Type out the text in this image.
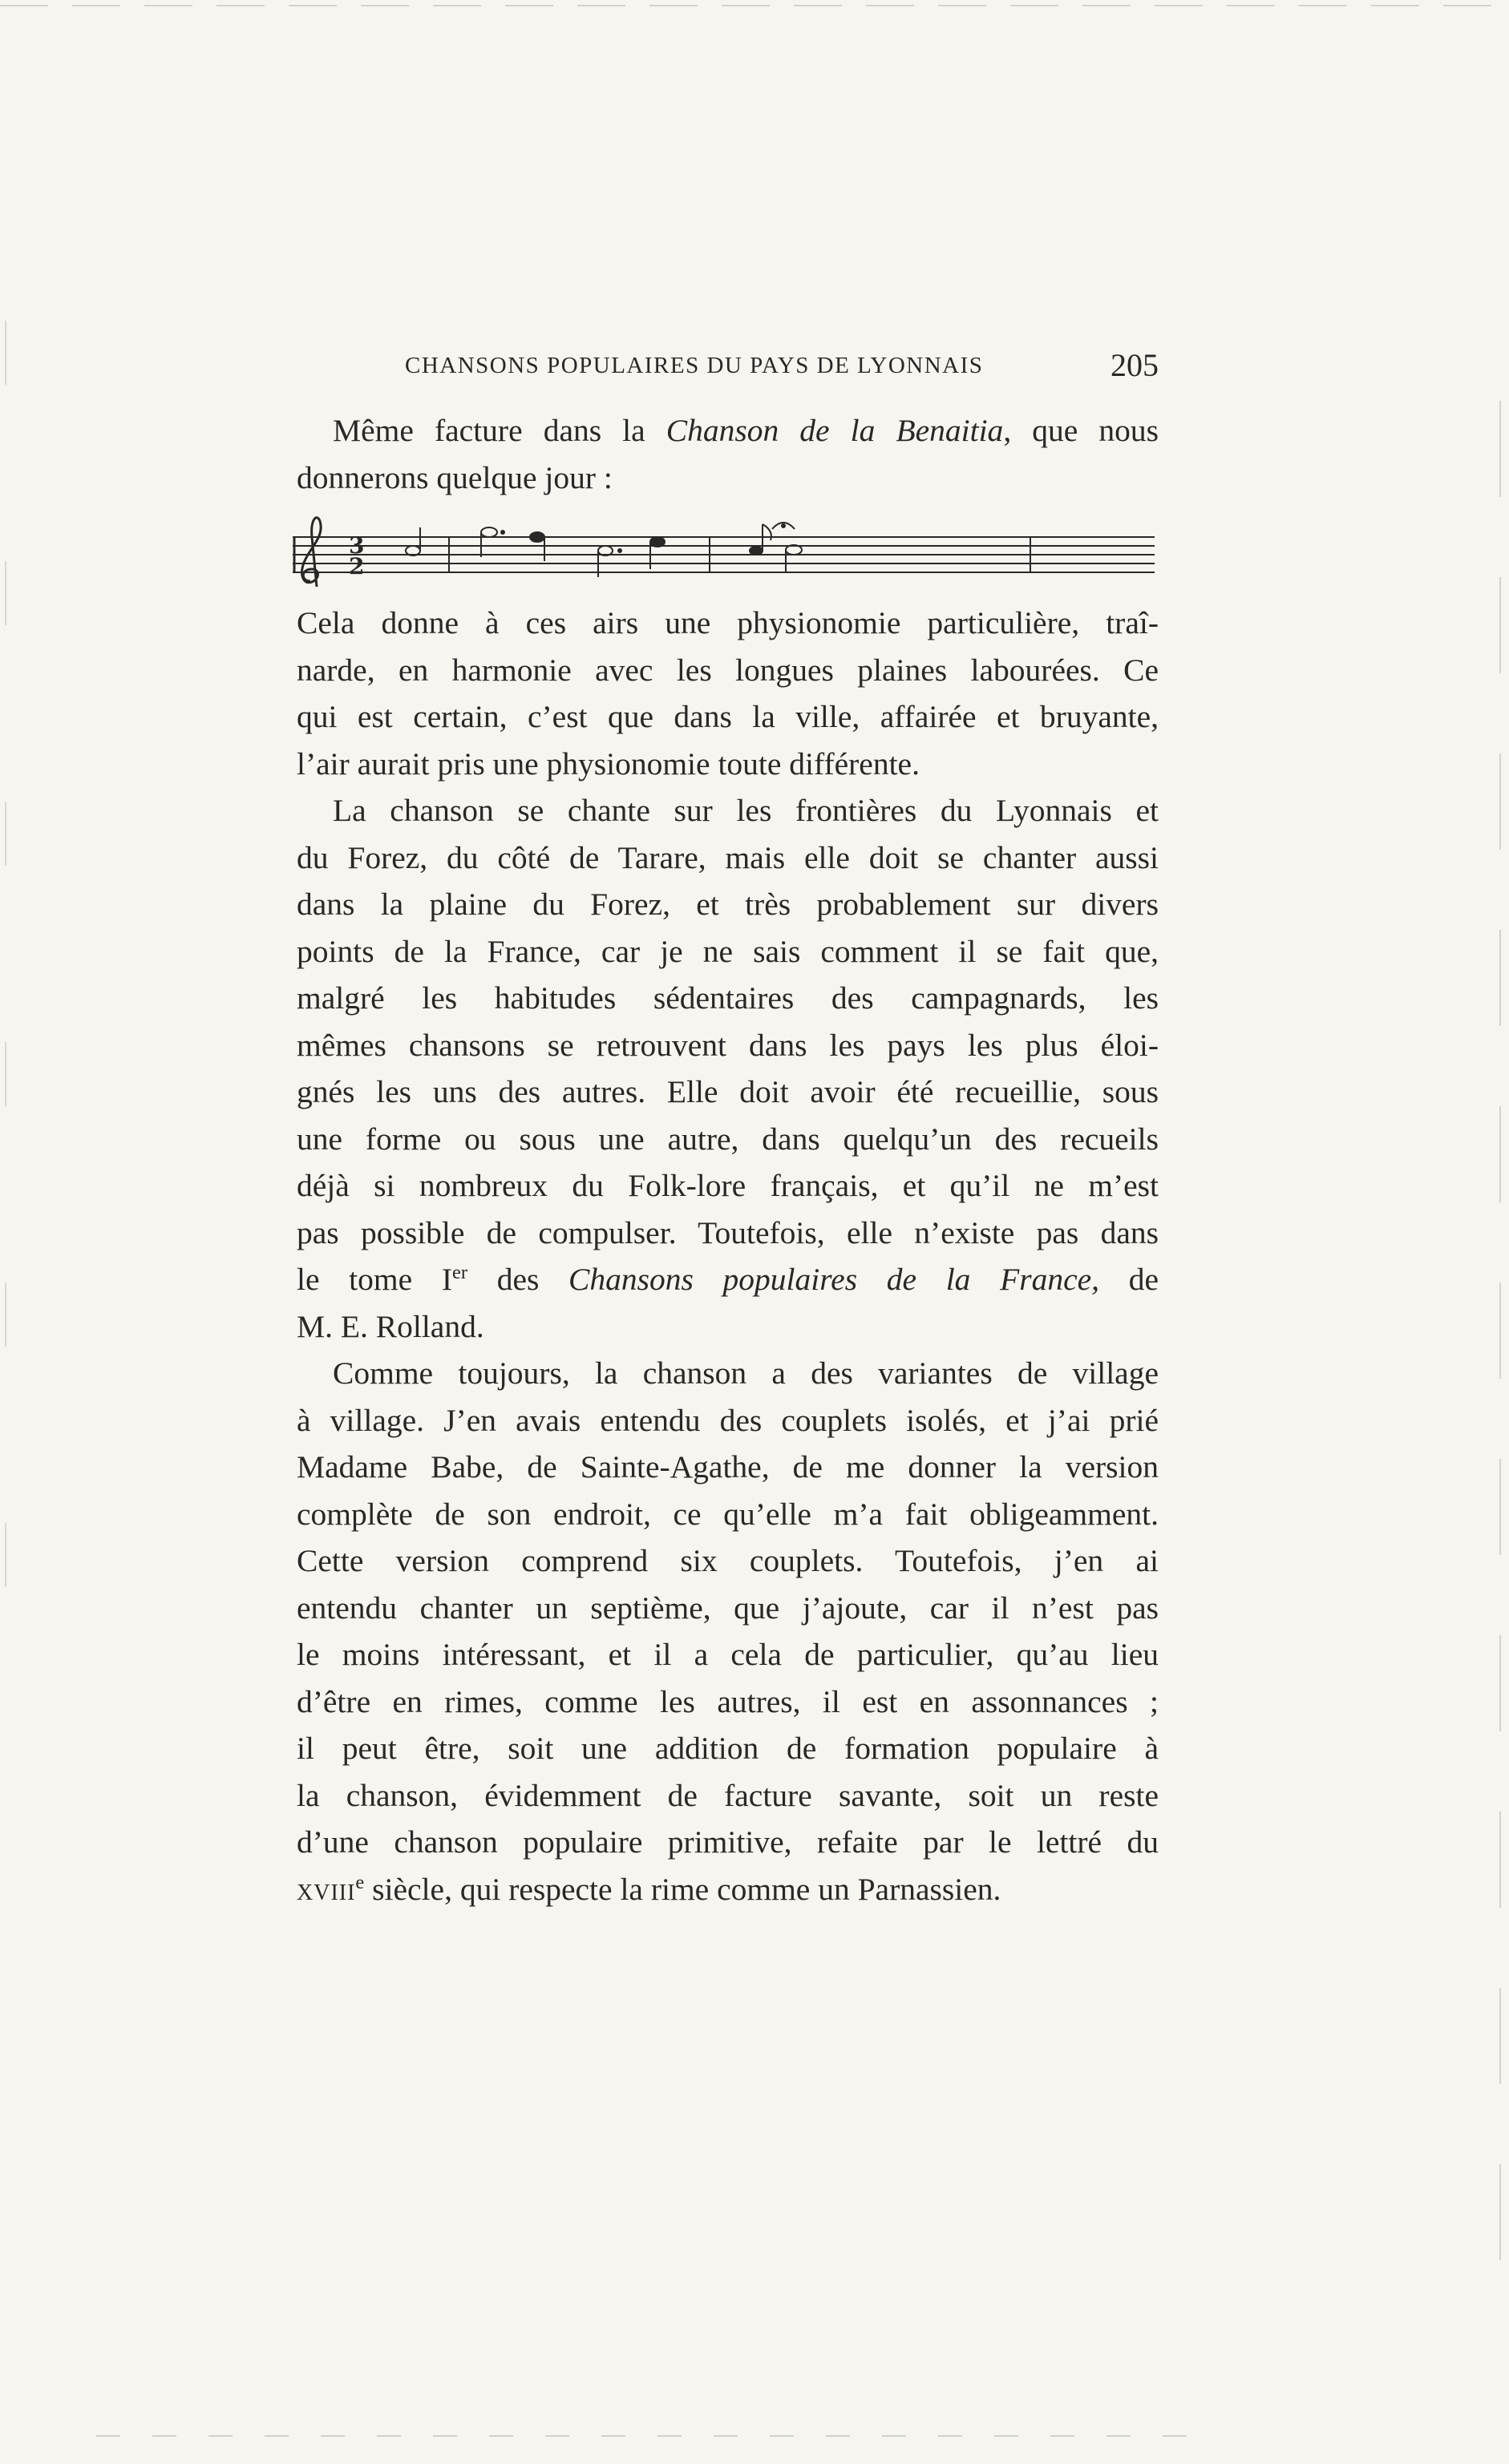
CHANSONS POPULAIRES DU PAYS DE LYONNAIS	205
Même facture dans la Chanson de la Benaitia, que nous
donnerons quelque jour :
3
2
Cela donne à ces airs une physionomie particulière, traî-
narde, en harmonie avec les longues plaines labourées. Ce
qui est certain, c’est que dans la ville, affairée et bruyante,
l’air aurait pris une physionomie toute différente.
La chanson se chante sur les frontières du Lyonnais et
du Forez, du côté de Tarare, mais elle doit se chanter aussi
dans la plaine du Forez, et très probablement sur divers
points de la France, car je ne sais comment il se fait que,
malgré les habitudes sédentaires des campagnards, les
mêmes chansons se retrouvent dans les pays les plus éloi-
gnés les uns des autres. Elle doit avoir été recueillie, sous
une forme ou sous une autre, dans quelqu’un des recueils
déjà si nombreux du Folk-lore français, et qu’il ne m’est
pas possible de compulser. Toutefois, elle n’existe pas dans
le tome Ier des Chansons populaires de la France, de
M. E. Rolland.
Comme toujours, la chanson a des variantes de village
à village. J’en avais entendu des couplets isolés, et j’ai prié
Madame Babe, de Sainte-Agathe, de me donner la version
complète de son endroit, ce qu’elle m’a fait obligeamment.
Cette version comprend six couplets. Toutefois, j’en ai
entendu chanter un septième, que j’ajoute, car il n’est pas
le moins intéressant, et il a cela de particulier, qu’au lieu
d’être en rimes, comme les autres, il est en assonnances ;
il peut être, soit une addition de formation populaire à
la chanson, évidemment de facture savante, soit un reste
d’une chanson populaire primitive, refaite par le lettré du
xviii$^e$ siècle, qui respecte la rime comme un Parnassien.
